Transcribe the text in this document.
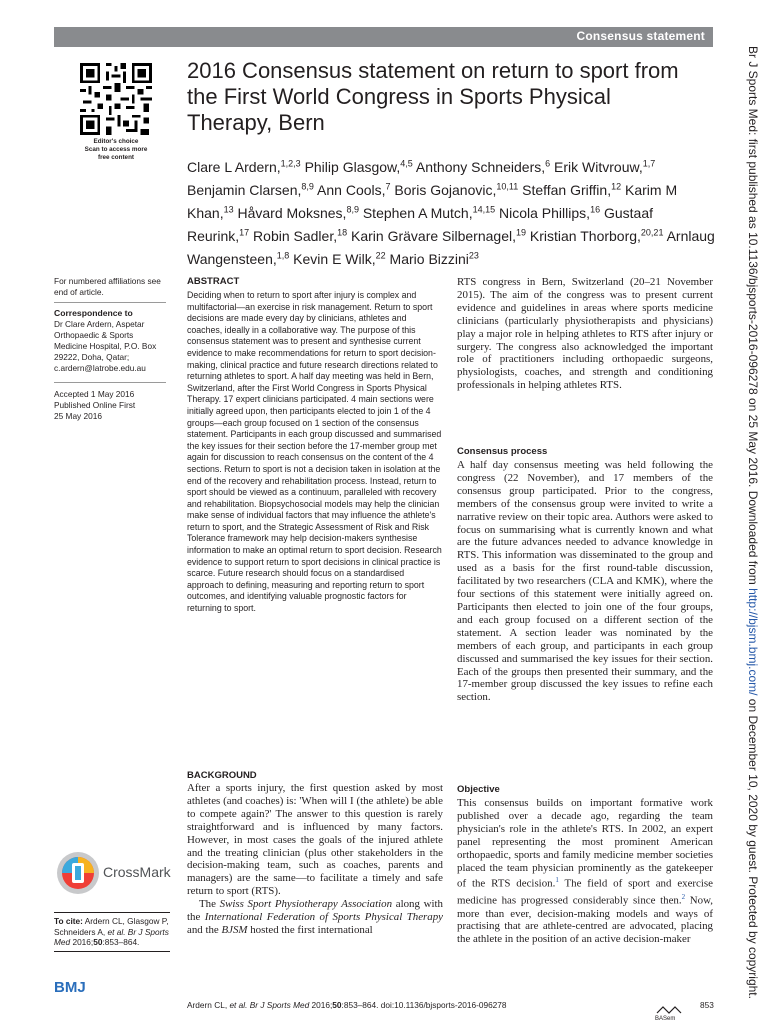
Consensus statement
Br J Sports Med: first published as 10.1136/bjsports-2016-096278 on 25 May 2016. Downloaded from http://bjsm.bmj.com/ on December 10, 2020 by guest. Protected by copyright.
Editor's choice
Scan to access more
free content
2016 Consensus statement on return to sport from the First World Congress in Sports Physical Therapy, Bern
Clare L Ardern,$^{1,2,3}$ Philip Glasgow,$^{4,5}$ Anthony Schneiders,$^6$ Erik Witvrouw,$^{1,7}$ Benjamin Clarsen,$^{8,9}$ Ann Cools,$^7$ Boris Gojanovic,$^{10,11}$ Steffan Griffin,$^{12}$ Karim M Khan,$^{13}$ Håvard Moksnes,$^{8,9}$ Stephen A Mutch,$^{14,15}$ Nicola Phillips,$^{16}$ Gustaaf Reurink,$^{17}$ Robin Sadler,$^{18}$ Karin Grävare Silbernagel,$^{19}$ Kristian Thorborg,$^{20,21}$ Arnlaug Wangensteen,$^{1,8}$ Kevin E Wilk,$^{22}$ Mario Bizzini$^{23}$
For numbered affiliations see end of article.
Correspondence to
Dr Clare Ardern, Aspetar Orthopaedic & Sports Medicine Hospital, P.O. Box 29222, Doha, Qatar; c.ardern@latrobe.edu.au
Accepted 1 May 2016
Published Online First
25 May 2016
ABSTRACT
Deciding when to return to sport after injury is complex and multifactorial—an exercise in risk management. Return to sport decisions are made every day by clinicians, athletes and coaches, ideally in a collaborative way. The purpose of this consensus statement was to present and synthesise current evidence to make recommendations for return to sport decision-making, clinical practice and future research directions related to returning athletes to sport. A half day meeting was held in Bern, Switzerland, after the First World Congress in Sports Physical Therapy. 17 expert clinicians participated. 4 main sections were initially agreed upon, then participants elected to join 1 of the 4 groups—each group focused on 1 section of the consensus statement. Participants in each group discussed and summarised the key issues for their section before the 17-member group met again for discussion to reach consensus on the content of the 4 sections. Return to sport is not a decision taken in isolation at the end of the recovery and rehabilitation process. Instead, return to sport should be viewed as a continuum, paralleled with recovery and rehabilitation. Biopsychosocial models may help the clinician make sense of individual factors that may influence the athlete's return to sport, and the Strategic Assessment of Risk and Risk Tolerance framework may help decision-makers synthesise information to make an optimal return to sport decision. Research evidence to support return to sport decisions in clinical practice is scarce. Future research should focus on a standardised approach to defining, measuring and reporting return to sport outcomes, and identifying valuable prognostic factors for returning to sport.
BACKGROUND
After a sports injury, the first question asked by most athletes (and coaches) is: 'When will I (the athlete) be able to compete again?' The answer to this question is rarely straightforward and is influenced by many factors. However, in most cases the goals of the injured athlete and the treating clinician (plus other stakeholders in the decision-making team, such as coaches, parents and managers) are the same—to facilitate a timely and safe return to sport (RTS).
The Swiss Sport Physiotherapy Association along with the International Federation of Sports Physical Therapy and the BJSM hosted the first international
RTS congress in Bern, Switzerland (20–21 November 2015). The aim of the congress was to present current evidence and guidelines in areas where sports medicine clinicians (particularly physiotherapists and physicians) play a major role in helping athletes to RTS after injury or surgery. The congress also acknowledged the important role of practitioners including orthopaedic surgeons, physiologists, coaches, and strength and conditioning professionals in helping athletes RTS.
Consensus process
A half day consensus meeting was held following the congress (22 November), and 17 members of the consensus group participated. Prior to the congress, members of the consensus group were invited to write a narrative review on their topic area. Authors were asked to focus on summarising what is currently known and what are the future advances needed to advance knowledge in RTS. This information was disseminated to the group and used as a basis for the first round-table discussion, facilitated by two researchers (CLA and KMK), where the four sections of this statement were initially agreed on. Participants then elected to join one of the four groups, and each group focused on a different section of the statement. A section leader was nominated by the members of each group, and participants in each group discussed and summarised the key issues for their section. Each of the groups then presented their summary, and the 17-member group discussed the key issues to refine each section.
Objective
This consensus builds on important formative work published over a decade ago, regarding the team physician's role in the athlete's RTS. In 2002, an expert panel representing the most prominent American orthopaedic, sports and family medicine member societies placed the team physician prominently as the gatekeeper of the RTS decision.$^1$ The field of sport and exercise medicine has progressed considerably since then.$^2$ Now, more than ever, decision-making models and ways of practising that are athlete-centred are advocated, placing the athlete in the position of an active decision-maker
CrossMark
To cite: Ardern CL, Glasgow P, Schneiders A, et al. Br J Sports Med 2016;50:853–864.
BMJ
Ardern CL, et al. Br J Sports Med 2016;50:853–864. doi:10.1136/bjsports-2016-096278
BASem
853
